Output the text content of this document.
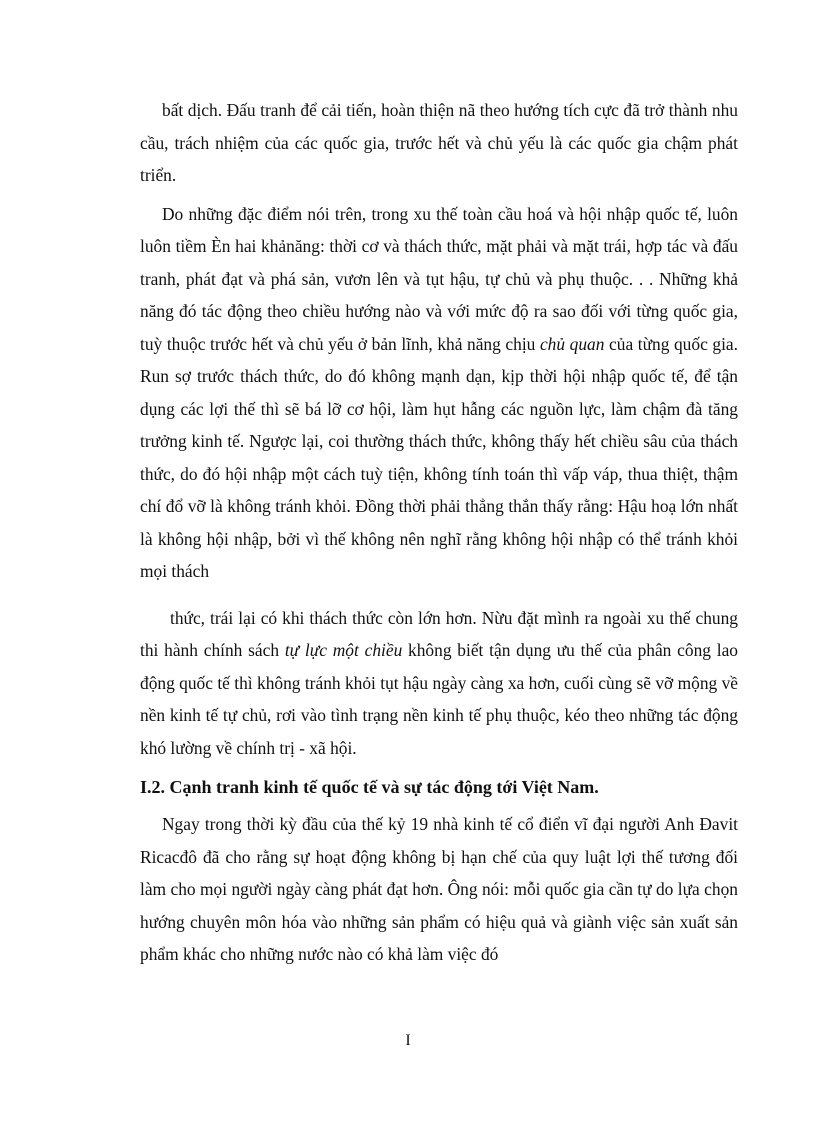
bất dịch. Đấu tranh để cải tiến, hoàn thiện nã theo hướng tích cực đã trở thành nhu cầu, trách nhiệm của các quốc gia, trước hết và chủ yếu là các quốc gia chậm phát triển.

Do những đặc điểm nói trên, trong xu thế toàn cầu hoá và hội nhập quốc tế, luôn luôn tiềm Èn hai khảnăng: thời cơ và thách thức, mặt phải và mặt trái, hợp tác và đấu tranh, phát đạt và phá sản, vươn lên và tụt hậu, tự chủ và phụ thuộc. . . Những khả năng đó tác động theo chiều hướng nào và với mức độ ra sao đối với từng quốc gia, tuỳ thuộc trước hết và chủ yếu ở bản lĩnh, khả năng chịu chủ quan của từng quốc gia. Run sợ trước thách thức, do đó không mạnh dạn, kịp thời hội nhập quốc tế, để tận dụng các lợi thế thì sẽ bá lỡ cơ hội, làm hụt hẫng các nguồn lực, làm chậm đà tăng trưởng kinh tế. Ngược lại, coi thường thách thức, không thấy hết chiều sâu của thách thức, do đó hội nhập một cách tuỳ tiện, không tính toán thì vấp váp, thua thiệt, thậm chí đổ vỡ là không tránh khỏi. Đồng thời phải thẳng thắn thấy rằng: Hậu hoạ lớn nhất là không hội nhập, bởi vì thế không nên nghĩ rằng không hội nhập có thể tránh khỏi mọi thách

thức, trái lại có khi thách thức còn lớn hơn. Nừu đặt mình ra ngoài xu thế chung thi hành chính sách tự lực một chiều không biết tận dụng ưu thế của phân công lao động quốc tế thì không tránh khỏi tụt hậu ngày càng xa hơn, cuối cùng sẽ vỡ mộng về nền kinh tế tự chủ, rơi vào tình trạng nền kinh tế phụ thuộc, kéo theo những tác động khó lường về chính trị - xã hội.

I.2. Cạnh tranh kinh tế quốc tế và sự tác động tới Việt Nam.

Ngay trong thời kỳ đầu của thế kỷ 19 nhà kinh tế cổ điển vĩ đại người Anh Đavit Ricacđô đã cho rằng sự hoạt động không bị hạn chế của quy luật lợi thế tương đối làm cho mọi người ngày càng phát đạt hơn. Ông nói: mỗi quốc gia cần tự do lựa chọn hướng chuyên môn hóa vào những sản phẩm có hiệu quả và giành việc sản xuất sản phẩm khác cho những nước nào có khả làm việc đó

I
